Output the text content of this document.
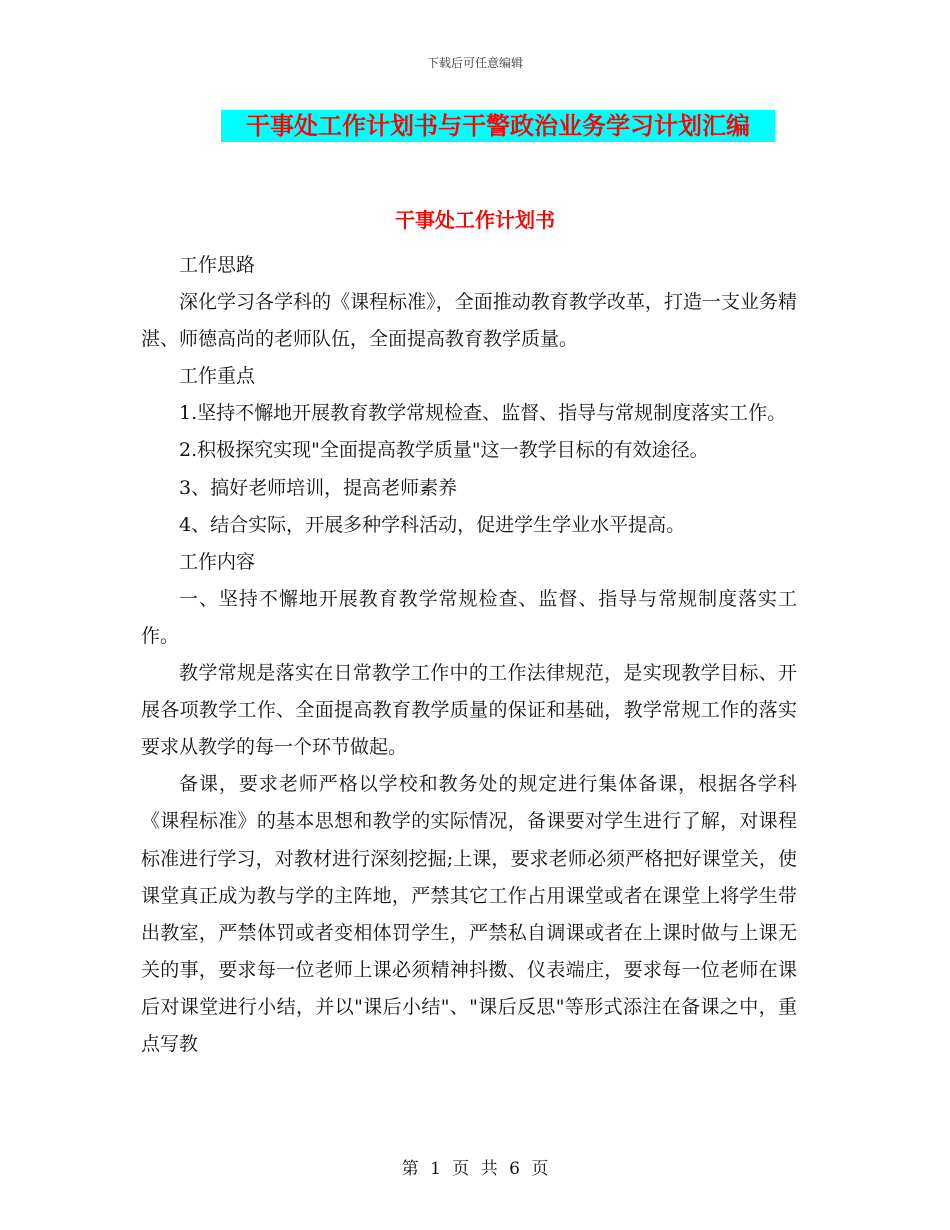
下载后可任意编辑
干事处工作计划书与干警政治业务学习计划汇编
干事处工作计划书

工作思路

深化学习各学科的《课程标准》，全面推动教育教学改革，打造一支业务精湛、师德高尚的老师队伍，全面提高教育教学质量。

工作重点

1.坚持不懈地开展教育教学常规检查、监督、指导与常规制度落实工作。

2.积极探究实现"全面提高教学质量"这一教学目标的有效途径。

3、搞好老师培训，提高老师素养

4、结合实际，开展多种学科活动，促进学生学业水平提高。

工作内容

一、坚持不懈地开展教育教学常规检查、监督、指导与常规制度落实工作。

教学常规是落实在日常教学工作中的工作法律规范，是实现教学目标、开展各项教学工作、全面提高教育教学质量的保证和基础，教学常规工作的落实要求从教学的每一个环节做起。

备课，要求老师严格以学校和教务处的规定进行集体备课，根据各学科《课程标准》的基本思想和教学的实际情况，备课要对学生进行了解，对课程标准进行学习，对教材进行深刻挖掘;上课，要求老师必须严格把好课堂关，使课堂真正成为教与学的主阵地，严禁其它工作占用课堂或者在课堂上将学生带出教室，严禁体罚或者变相体罚学生，严禁私自调课或者在上课时做与上课无关的事，要求每一位老师上课必须精神抖擞、仪表端庄，要求每一位老师在课后对课堂进行小结，并以"课后小结"、"课后反思"等形式添注在备课之中，重点写教

第 1 页 共 6 页
